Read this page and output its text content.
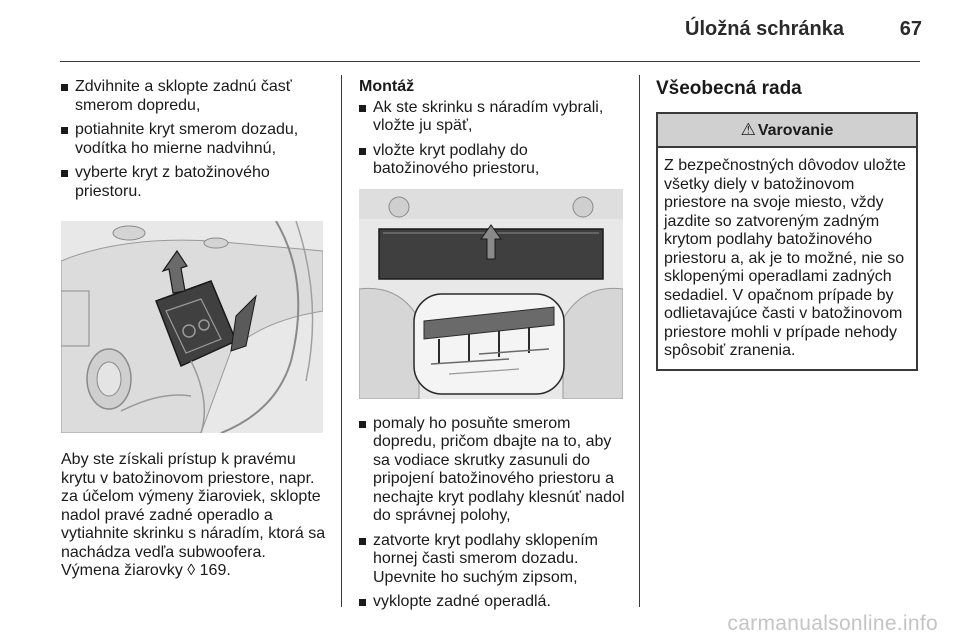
Úložná schránka	67
Zdvihnite a sklopte zadnú časť smerom dopredu,
potiahnite kryt smerom dozadu, vodítka ho mierne nadvihnú,
vyberte kryt z batožinového priestoru.

Aby ste získali prístup k pravému krytu v batožinovom priestore, napr. za účelom výmeny žiaroviek, sklopte nadol pravé zadné operadlo a vytiahnite skrinku s náradím, ktorá sa nachádza vedľa subwoofera.
Výmena žiarovky ◊ 169.

Montáž
Ak ste skrinku s náradím vybrali, vložte ju späť,
vložte kryt podlahy do batožinového priestoru,
pomaly ho posuňte smerom dopredu, pričom dbajte na to, aby sa vodiace skrutky zasunuli do pripojení batožinového priestoru a nechajte kryt podlahy klesnúť nadol do správnej polohy,
zatvorte kryt podlahy sklopením hornej časti smerom dozadu. Upevnite ho suchým zipsom,
vyklopte zadné operadlá.
Všeobecná rada
⚠ Varovanie
Z bezpečnostných dôvodov uložte všetky diely v batožinovom priestore na svoje miesto, vždy jazdite so zatvoreným zadným krytom podlahy batožinového priestoru a, ak je to možné, nie so sklopenými operadlami zadných sedadiel. V opačnom prípade by odlietavajúce časti v batožinovom priestore mohli v prípade nehody spôsobiť zranenia.
carmanualsonline.info
